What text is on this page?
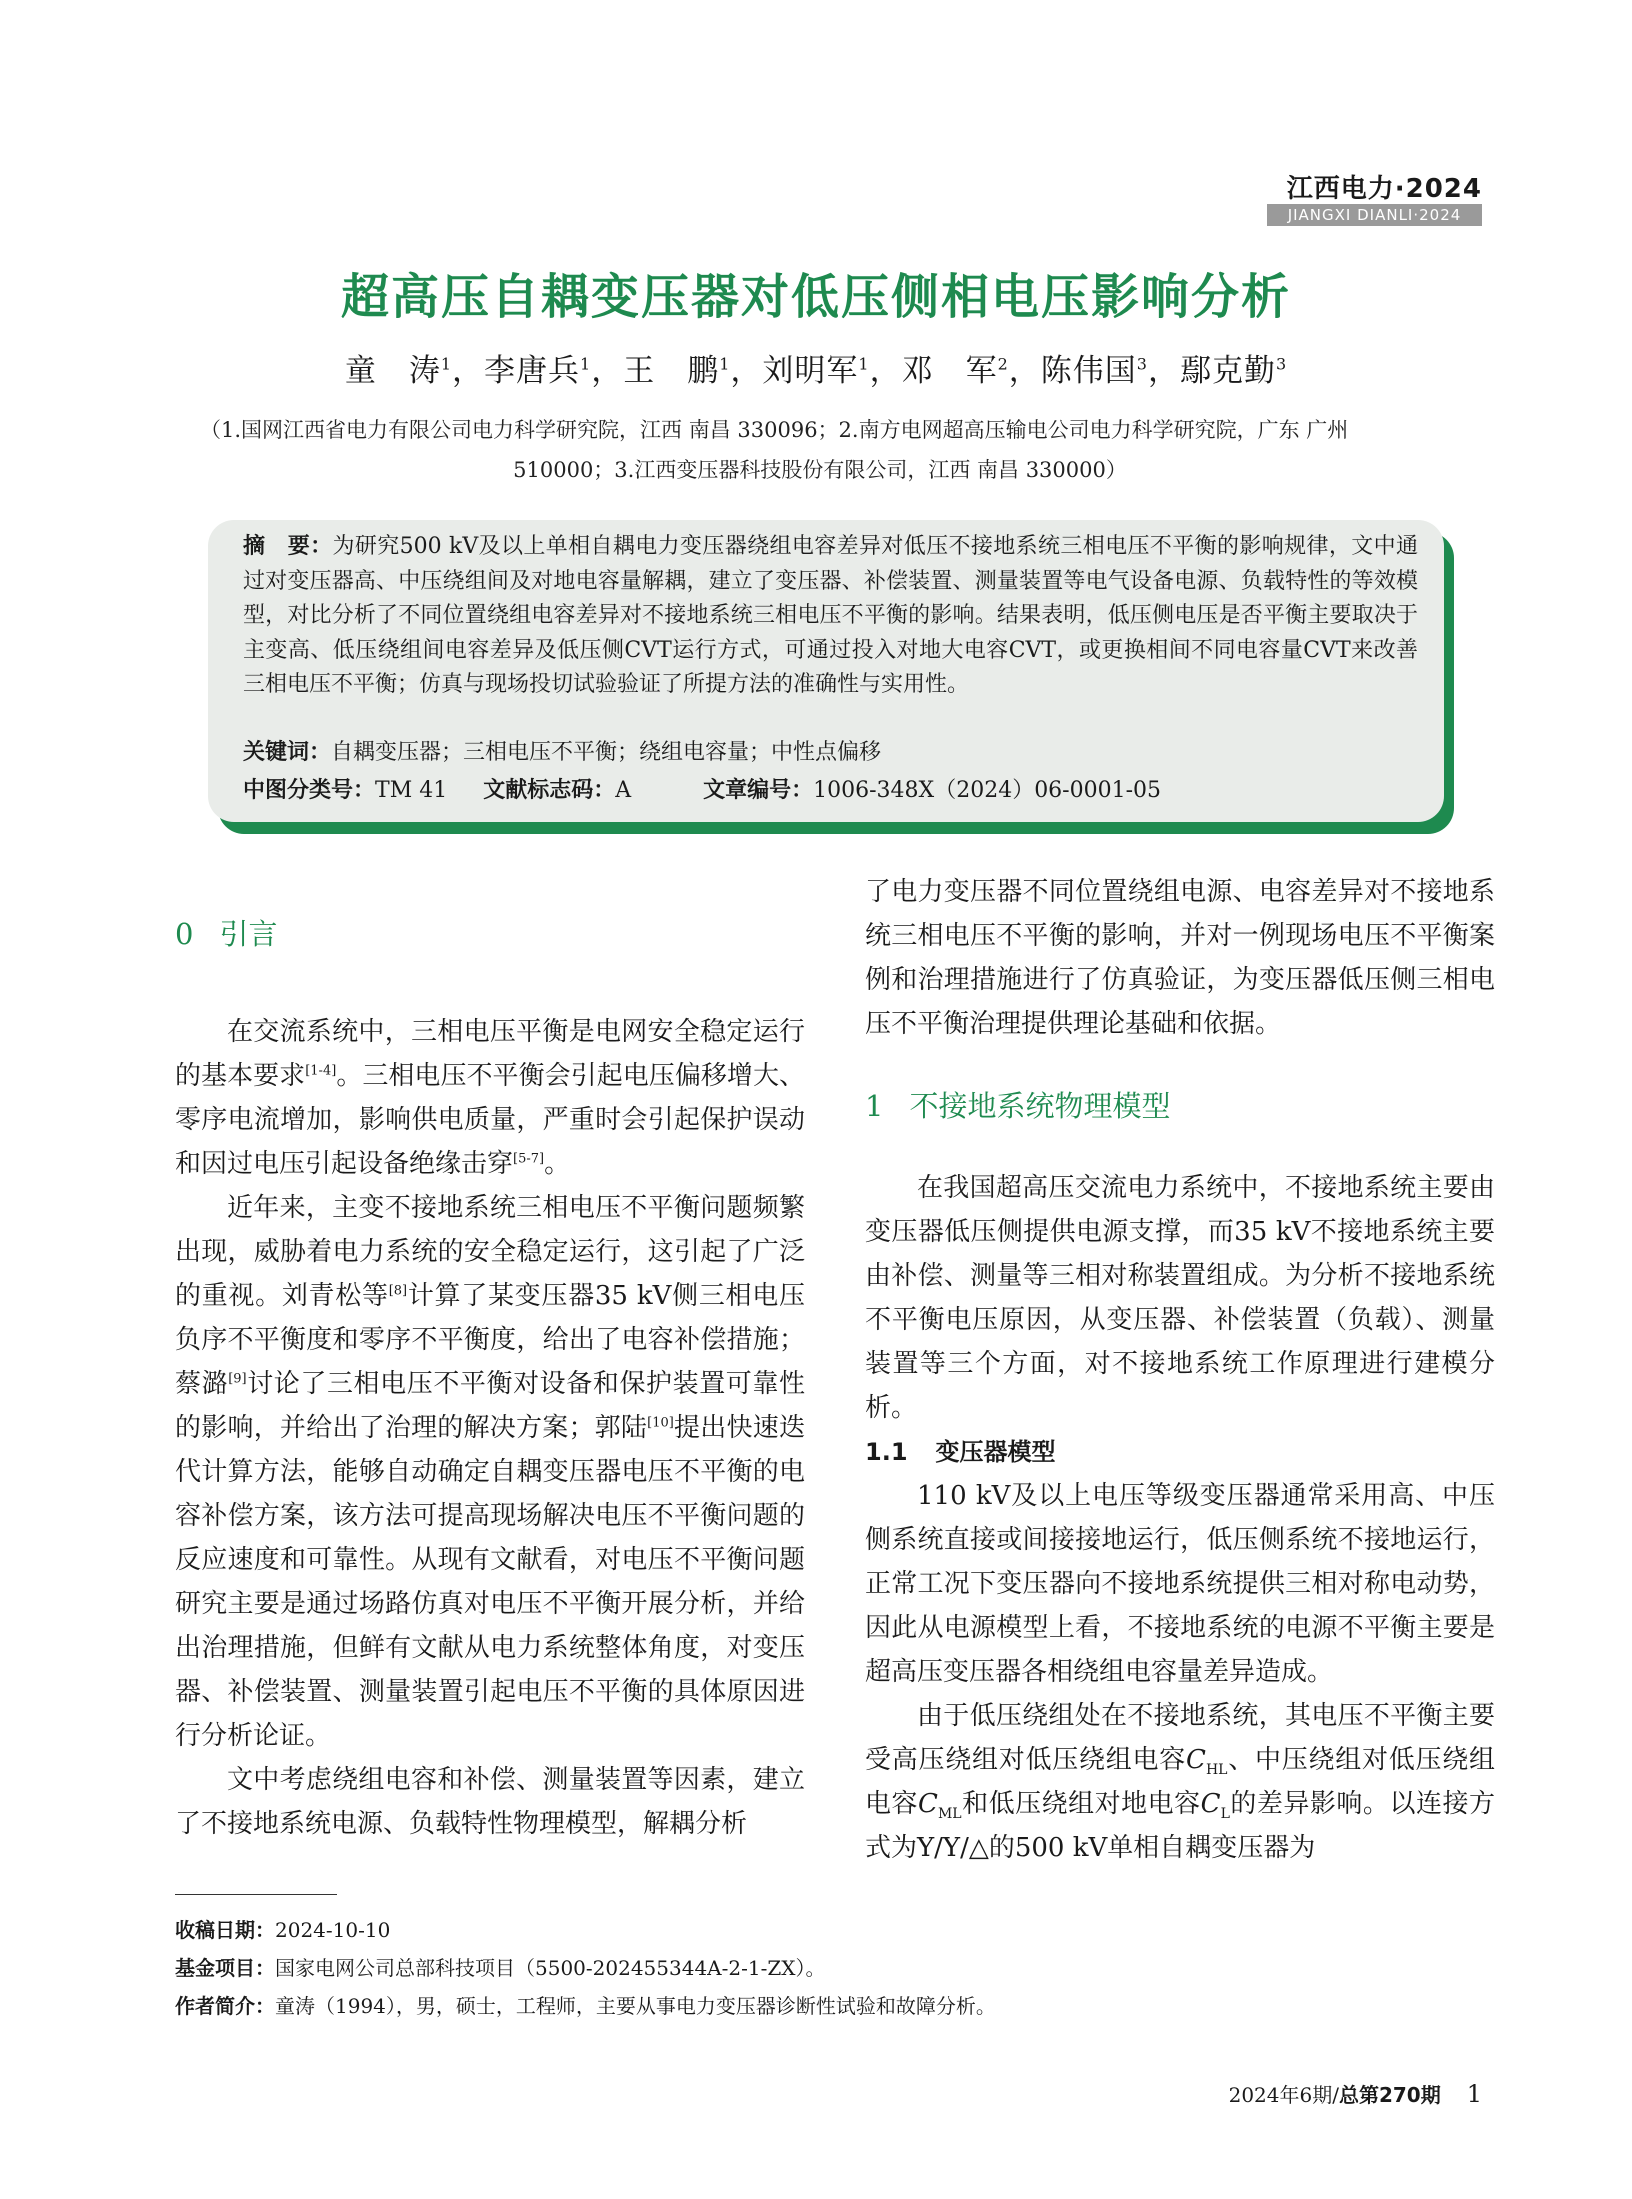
江西电力·2024
JIANGXI DIANLI·2024
超高压自耦变压器对低压侧相电压影响分析
童　涛$^1$，李唐兵$^1$，王　鹏$^1$，刘明军$^1$，邓　军$^2$，陈伟国$^3$，鄢克勤$^3$
（1.国网江西省电力有限公司电力科学研究院，江西 南昌 330096；2.南方电网超高压输电公司电力科学研究院，广东 广州
510000；3.江西变压器科技股份有限公司，江西 南昌 330000）
摘　要：为研究500 kV及以上单相自耦电力变压器绕组电容差异对低压不接地系统三相电压不平衡的影响规律，文中通过对变压器高、中压绕组间及对地电容量解耦，建立了变压器、补偿装置、测量装置等电气设备电源、负载特性的等效模型，对比分析了不同位置绕组电容差异对不接地系统三相电压不平衡的影响。结果表明，低压侧电压是否平衡主要取决于主变高、低压绕组间电容差异及低压侧CVT运行方式，可通过投入对地大电容CVT，或更换相间不同电容量CVT来改善三相电压不平衡；仿真与现场投切试验验证了所提方法的准确性与实用性。
关键词：自耦变压器；三相电压不平衡；绕组电容量；中性点偏移
中图分类号：TM 41 文献标志码：A	文章编号：1006-348X（2024）06-0001-05
0 引言

在交流系统中，三相电压平衡是电网安全稳定运行的基本要求[1-4]。三相电压不平衡会引起电压偏移增大、零序电流增加，影响供电质量，严重时会引起保护误动和因过电压引起设备绝缘击穿[5-7]。

近年来，主变不接地系统三相电压不平衡问题频繁出现，威胁着电力系统的安全稳定运行，这引起了广泛的重视。刘青松等[8]计算了某变压器35 kV侧三相电压负序不平衡度和零序不平衡度，给出了电容补偿措施；蔡潞[9]讨论了三相电压不平衡对设备和保护装置可靠性的影响，并给出了治理的解决方案；郭陆[10]提出快速迭代计算方法，能够自动确定自耦变压器电压不平衡的电容补偿方案，该方法可提高现场解决电压不平衡问题的反应速度和可靠性。从现有文献看，对电压不平衡问题研究主要是通过场路仿真对电压不平衡开展分析，并给出治理措施，但鲜有文献从电力系统整体角度，对变压器、补偿装置、测量装置引起电压不平衡的具体原因进行分析论证。

文中考虑绕组电容和补偿、测量装置等因素，建立了不接地系统电源、负载特性物理模型，解耦分析

了电力变压器不同位置绕组电源、电容差异对不接地系统三相电压不平衡的影响，并对一例现场电压不平衡案例和治理措施进行了仿真验证，为变压器低压侧三相电压不平衡治理提供理论基础和依据。

1 不接地系统物理模型

在我国超高压交流电力系统中，不接地系统主要由变压器低压侧提供电源支撑，而35 kV不接地系统主要由补偿、测量等三相对称装置组成。为分析不接地系统不平衡电压原因，从变压器、补偿装置（负载）、测量装置等三个方面，对不接地系统工作原理进行建模分析。

1.1 变压器模型

110 kV及以上电压等级变压器通常采用高、中压侧系统直接或间接接地运行，低压侧系统不接地运行，正常工况下变压器向不接地系统提供三相对称电动势，因此从电源模型上看，不接地系统的电源不平衡主要是超高压变压器各相绕组电容量差异造成。

由于低压绕组处在不接地系统，其电压不平衡主要受高压绕组对低压绕组电容$C_{HL}$、中压绕组对低压绕组电容$C_{ML}$和低压绕组对地电容$C_L$的差异影响。以连接方式为Y/Y/△的500 kV单相自耦变压器为

收稿日期：2024-10-10
基金项目：国家电网公司总部科技项目（5500-202455344A-2-1-ZX）。
作者简介：童涛（1994），男，硕士，工程师，主要从事电力变压器诊断性试验和故障分析。
2024年6期/总第270期 1
